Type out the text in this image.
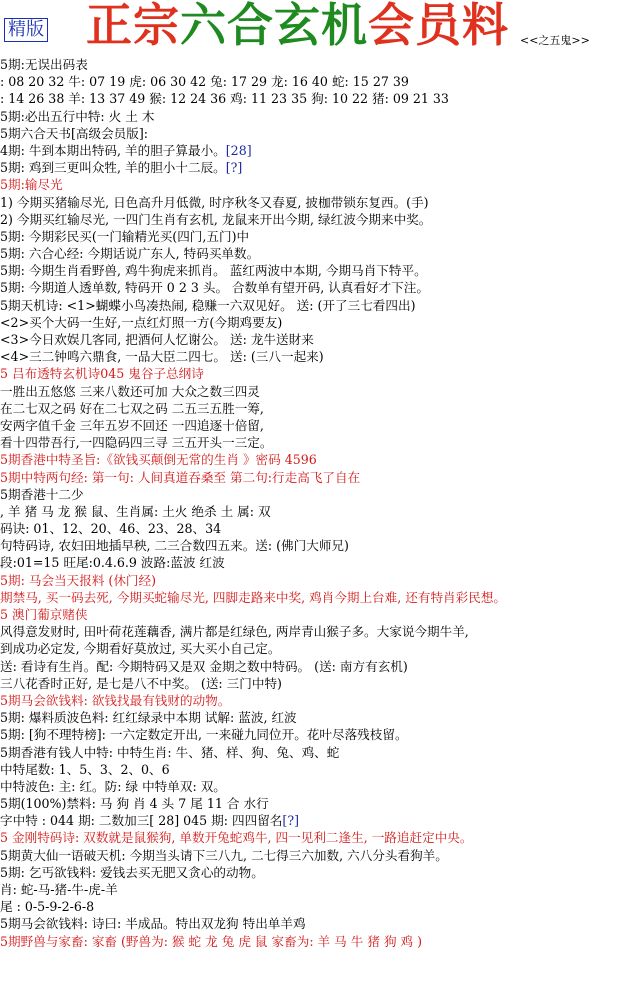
精版 正宗六合玄机会员料 <<之五鬼>>
5期:无误出码表
: 08 20 32 牛: 07 19 虎: 06 30 42 兔: 17 29 龙: 16 40 蛇: 15 27 39
: 14 26 38 羊: 13 37 49 猴: 12 24 36 鸡: 11 23 35 狗: 10 22 猪: 09 21 33
5期:必出五行中特: 火 土 木
5期六合天书[高级会员版]:
4期: 牛到本期出特码, 羊的胆子算最小。[28]
5期: 鸡到三更叫众牲, 羊的胆小十二辰。[?]
5期:输尽光
1) 今期买猪输尽光, 日色高升月低微, 时序秋冬又春夏, 披枷带锁东复西。(手)
2) 今期买红输尽光, 一四门生肖有玄机, 龙鼠来开出今期, 绿红波今期来中奖。
5期: 今期彩民买(一门输精光买(四门,五门)中
5期: 六合心经: 今期话说广东人, 特码买单数。
5期: 今期生肖看野兽, 鸡牛狗虎来抓肖。 蓝红两波中本期, 今期马肖下特平。
5期: 今期道人透单数, 特码开 0 2 3 头。 合数单有望开码, 认真看好才下注。
5期天机诗: <1>蝴蝶小鸟凑热闹, 稳赚一六双见好。 送: (开了三七看四出)
<2>买个大码一生好,一点红灯照一方(今期鸡要友)
<3>今日欢娱几客同, 把酒何人忆谢公。 送: 龙牛送財来
<4>三二钟鸣六鼎食, 一品大臣二四七。 送: (三八一起来)
5 吕布透特玄机诗045 鬼谷子总纲诗
一胜出五悠悠 三来八数还可加 大众之数三四灵
在二七双之码 好在二七双之码 二五三五胜一筹,
安两字值千金 三年五岁不回还 一四追逐十倍留,
看十四带吾行,一四隐码四三寻 三五开头一三定。
5期香港中特圣旨:《欲钱买颠倒无常的生肖 》密码 4596
5期中特两句经: 第一句: 人间真道吞桑至 第二句:行走高飞了自在
5期香港十二少
, 羊 猪 马 龙 猴 鼠、生肖属: 土火 绝杀 土 属: 双
码诀: 01、12、20、46、23、28、34
句特码诗, 农妇田地插早秧, 二三合数四五来。送: (佛门大师兄)
段:01=15 旺尾:0.4.6.9 波路:蓝波 红波
5期: 马会当天报料 (休门经)
期禁马, 买一码去死, 今期买蛇输尽光, 四脚走路来中奖, 鸡肖今期上台难, 还有特肖彩民想。
5 澳门葡京赌侠
风得意发财时, 田叶荷花莲藕香, 满片都是红绿色, 两岸青山猴子多。大家说今期牛羊,
到成功必定发, 今期看好莫放过, 买大买小自己定。
送: 看诗有生肖。配: 今期特码又是双 金期之数中特码。 (送: 南方有玄机)
三八花香时正好, 是七是八不中奖。 (送: 三门中特)
5期马会欲钱料: 欲钱找最有钱财的动物。
5期: 爆料质波色料: 红红绿录中本期 试解: 蓝波, 红波
5期: [狗不理特榜]: 一六定数定开出, 一来碰九同位开。花叶尽落残枝留。
5期香港有钱人中特: 中特生肖: 牛、猪、样、狗、兔、鸡、蛇
中特尾数: 1、5、3、2、0、6
中特波色: 主: 红。防: 绿 中特单双: 双。
5期(100%)禁料: 马 狗 肖 4 头 7 尾 11 合 水行
字中特 : 044 期: 二数加三[ 28] 045 期: 四四留名[?]
5 金刚特码诗: 双数就是鼠猴狗, 单数开兔蛇鸡牛, 四一见利二逢生, 一路追赶定中央。
5期黄大仙一语破天机: 今期当头请下三八九, 二七得三六加数, 六八分头看狗羊。
5期: 乞丐欲钱料: 爱钱去买无肥又贪心的动物。
肖: 蛇-马-猪-牛-虎-羊
尾 : 0-5-9-2-6-8
5期马会欲钱料: 诗曰: 半成品。特出双龙狗 特出单羊鸡
5期野兽与家畜: 家畜 (野兽为: 猴 蛇 龙 兔 虎 鼠 家畜为: 羊 马 牛 猪 狗 鸡 )
